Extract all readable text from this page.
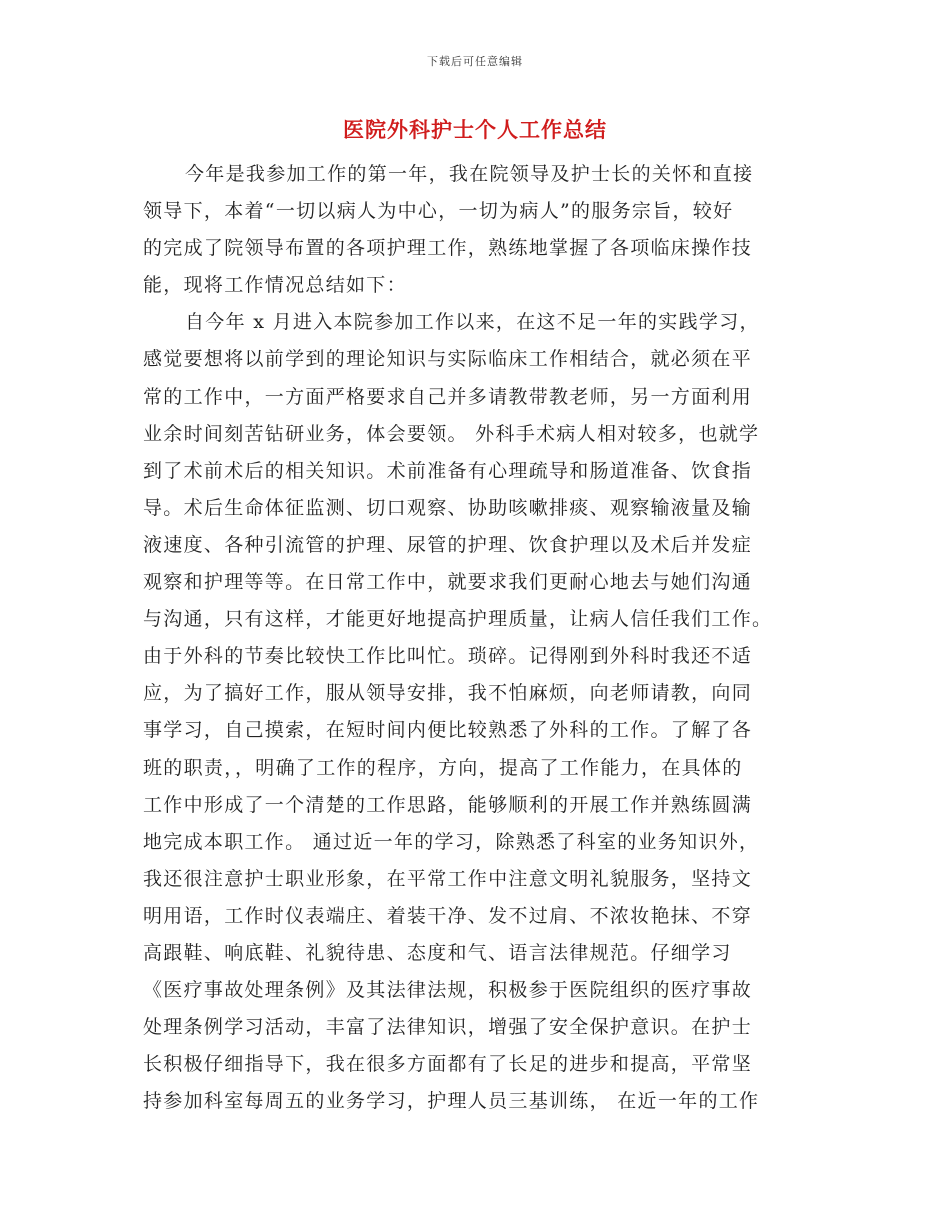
下载后可任意编辑
医院外科护士个人工作总结
今年是我参加工作的第一年，我在院领导及护士长的关怀和直接
领导下，本着“一切以病人为中心，一切为病人”的服务宗旨，较好
的完成了院领导布置的各项护理工作，熟练地掌握了各项临床操作技
能，现将工作情况总结如下：
自今年 x 月进入本院参加工作以来，在这不足一年的实践学习，
感觉要想将以前学到的理论知识与实际临床工作相结合，就必须在平
常的工作中，一方面严格要求自己并多请教带教老师，另一方面利用
业余时间刻苦钻研业务，体会要领。 外科手术病人相对较多，也就学
到了术前术后的相关知识。术前准备有心理疏导和肠道准备、饮食指
导。术后生命体征监测、切口观察、协助咳嗽排痰、观察输液量及输
液速度、各种引流管的护理、尿管的护理、饮食护理以及术后并发症
观察和护理等等。在日常工作中，就要求我们更耐心地去与她们沟通
与沟通，只有这样，才能更好地提高护理质量，让病人信任我们工作。
由于外科的节奏比较快工作比叫忙。琐碎。记得刚到外科时我还不适
应，为了搞好工作，服从领导安排，我不怕麻烦，向老师请教，向同
事学习，自己摸索，在短时间内便比较熟悉了外科的工作。了解了各
班的职责，，明确了工作的程序，方向，提高了工作能力，在具体的
工作中形成了一个清楚的工作思路，能够顺利的开展工作并熟练圆满
地完成本职工作。 通过近一年的学习，除熟悉了科室的业务知识外，
我还很注意护士职业形象，在平常工作中注意文明礼貌服务，坚持文
明用语，工作时仪表端庄、着装干净、发不过肩、不浓妆艳抹、不穿
高跟鞋、响底鞋、礼貌待患、态度和气、语言法律规范。仔细学习
《医疗事故处理条例》及其法律法规，积极参于医院组织的医疗事故
处理条例学习活动，丰富了法律知识，增强了安全保护意识。在护士
长积极仔细指导下，我在很多方面都有了长足的进步和提高，平常坚
持参加科室每周五的业务学习，护理人员三基训练， 在近一年的工作
